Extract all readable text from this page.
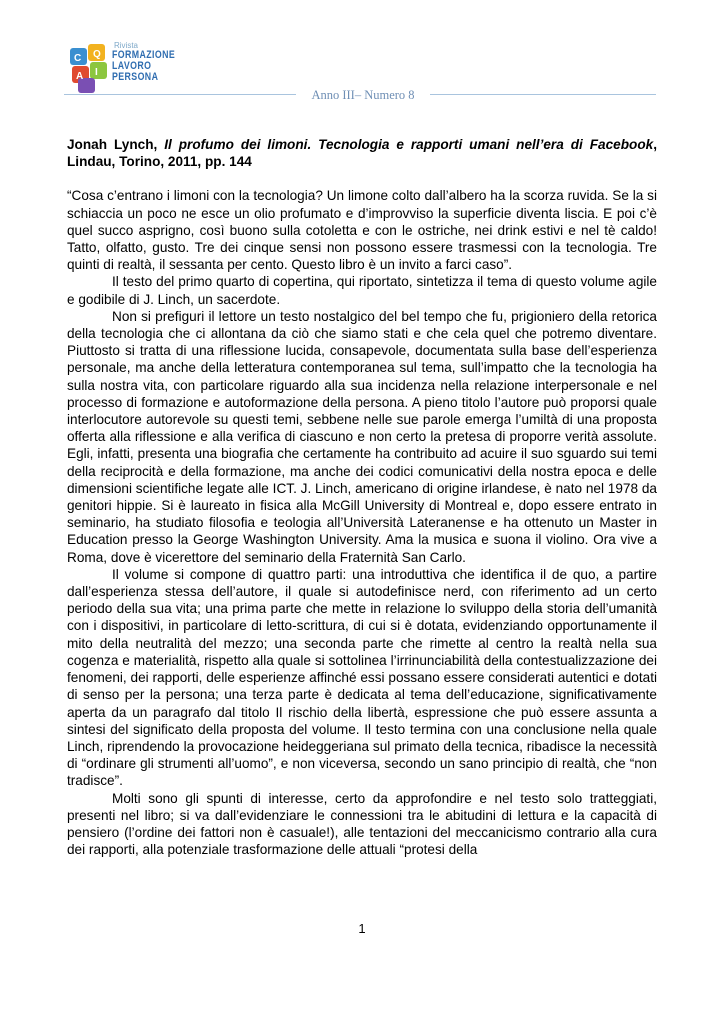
C Q
A I
Rivista
FORMAZIONE
LAVORO
PERSONA
Anno III– Numero 8

Jonah Lynch, Il profumo dei limoni. Tecnologia e rapporti umani nell’era di Facebook, Lindau, Torino, 2011, pp. 144

“Cosa c’entrano i limoni con la tecnologia? Un limone colto dall’albero ha la scorza ruvida. Se la si schiaccia un poco ne esce un olio profumato e d’improvviso la superficie diventa liscia. E poi c’è quel succo asprigno, così buono sulla cotoletta e con le ostriche, nei drink estivi e nel tè caldo! Tatto, olfatto, gusto. Tre dei cinque sensi non possono essere trasmessi con la tecnologia. Tre quinti di realtà, il sessanta per cento. Questo libro è un invito a farci caso”.

Il testo del primo quarto di copertina, qui riportato, sintetizza il tema di questo volume agile e godibile di J. Linch, un sacerdote.

Non si prefiguri il lettore un testo nostalgico del bel tempo che fu, prigioniero della retorica della tecnologia che ci allontana da ciò che siamo stati e che cela quel che potremo diventare. Piuttosto si tratta di una riflessione lucida, consapevole, documentata sulla base dell’esperienza personale, ma anche della letteratura contemporanea sul tema, sull’impatto che la tecnologia ha sulla nostra vita, con particolare riguardo alla sua incidenza nella relazione interpersonale e nel processo di formazione e autoformazione della persona. A pieno titolo l’autore può proporsi quale interlocutore autorevole su questi temi, sebbene nelle sue parole emerga l’umiltà di una proposta offerta alla riflessione e alla verifica di ciascuno e non certo la pretesa di proporre verità assolute. Egli, infatti, presenta una biografia che certamente ha contribuito ad acuire il suo sguardo sui temi della reciprocità e della formazione, ma anche dei codici comunicativi della nostra epoca e delle dimensioni scientifiche legate alle ICT. J. Linch, americano di origine irlandese, è nato nel 1978 da genitori hippie. Si è laureato in fisica alla McGill University di Montreal e, dopo essere entrato in seminario, ha studiato filosofia e teologia all’Università Lateranense e ha ottenuto un Master in Education presso la George Washington University. Ama la musica e suona il violino. Ora vive a Roma, dove è vicerettore del seminario della Fraternità San Carlo.

Il volume si compone di quattro parti: una introduttiva che identifica il de quo, a partire dall’esperienza stessa dell’autore, il quale si autodefinisce nerd, con riferimento ad un certo periodo della sua vita; una prima parte che mette in relazione lo sviluppo della storia dell’umanità con i dispositivi, in particolare di letto-scrittura, di cui si è dotata, evidenziando opportunamente il mito della neutralità del mezzo; una seconda parte che rimette al centro la realtà nella sua cogenza e materialità, rispetto alla quale si sottolinea l’irrinunciabilità della contestualizzazione dei fenomeni, dei rapporti, delle esperienze affinché essi possano essere considerati autentici e dotati di senso per la persona; una terza parte è dedicata al tema dell’educazione, significativamente aperta da un paragrafo dal titolo Il rischio della libertà, espressione che può essere assunta a sintesi del significato della proposta del volume. Il testo termina con una conclusione nella quale Linch, riprendendo la provocazione heideggeriana sul primato della tecnica, ribadisce la necessità di “ordinare gli strumenti all’uomo”, e non viceversa, secondo un sano principio di realtà, che “non tradisce”.

Molti sono gli spunti di interesse, certo da approfondire e nel testo solo tratteggiati, presenti nel libro; si va dall’evidenziare le connessioni tra le abitudini di lettura e la capacità di pensiero (l’ordine dei fattori non è casuale!), alle tentazioni del meccanicismo contrario alla cura dei rapporti, alla potenziale trasformazione delle attuali “protesi della

1
